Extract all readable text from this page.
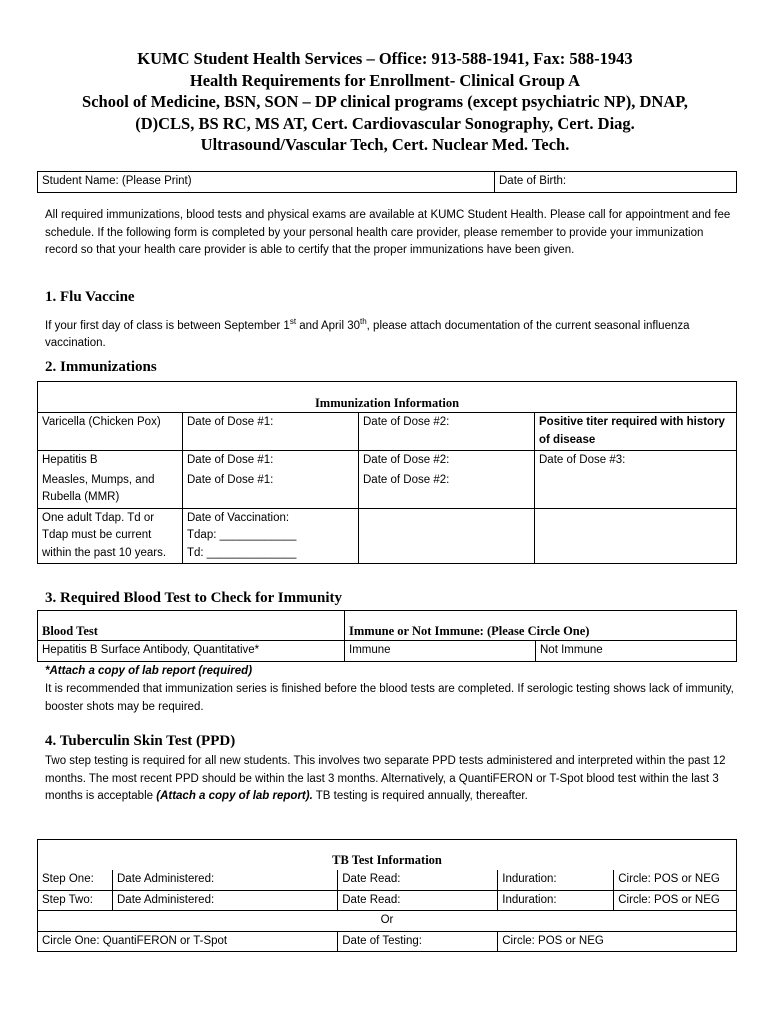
KUMC Student Health Services – Office: 913-588-1941, Fax: 588-1943
Health Requirements for Enrollment- Clinical Group A
School of Medicine, BSN, SON – DP clinical programs (except psychiatric NP), DNAP,
(D)CLS, BS RC, MS AT, Cert. Cardiovascular Sonography, Cert. Diag.
Ultrasound/Vascular Tech, Cert. Nuclear Med. Tech.
Student Name: (Please Print)	Date of Birth:
All required immunizations, blood tests and physical exams are available at KUMC Student Health. Please call for appointment and fee schedule. If the following form is completed by your personal health care provider, please remember to provide your immunization record so that your health care provider is able to certify that the proper immunizations have been given.
1. Flu Vaccine
If your first day of class is between September 1st and April 30th, please attach documentation of the current seasonal influenza vaccination.
2. Immunizations
Immunization Information			
Varicella (Chicken Pox)	Date of Dose #1:	Date of Dose #2:	Positive titer required with history of disease
Hepatitis B	Date of Dose #1:	Date of Dose #2:	Date of Dose #3:
Measles, Mumps, and Rubella (MMR)	Date of Dose #1:	Date of Dose #2:	
One adult Tdap. Td or Tdap must be current within the past 10 years.	Date of Vaccination:
Tdap: ____________
Td: ______________		

3. Required Blood Test to Check for Immunity
Blood Test	Immune or Not Immune: (Please Circle One)	
Hepatitis B Surface Antibody, Quantitative*	Immune	Not Immune
*Attach a copy of lab report (required)
It is recommended that immunization series is finished before the blood tests are completed. If serologic testing shows lack of immunity, booster shots may be required.
4. Tuberculin Skin Test (PPD)
Two step testing is required for all new students. This involves two separate PPD tests administered and interpreted within the past 12 months. The most recent PPD should be within the last 3 months. Alternatively, a QuantiFERON or T-Spot blood test within the last 3 months is acceptable (Attach a copy of lab report). TB testing is required annually, thereafter.
TB Test Information				
Step One:	Date Administered:	Date Read:	Induration:	Circle: POS or NEG
Step Two:	Date Administered:	Date Read:	Induration:	Circle: POS or NEG
Or				
Circle One: QuantiFERON or T-Spot		Date of Testing:	Circle: POS or NEG	
